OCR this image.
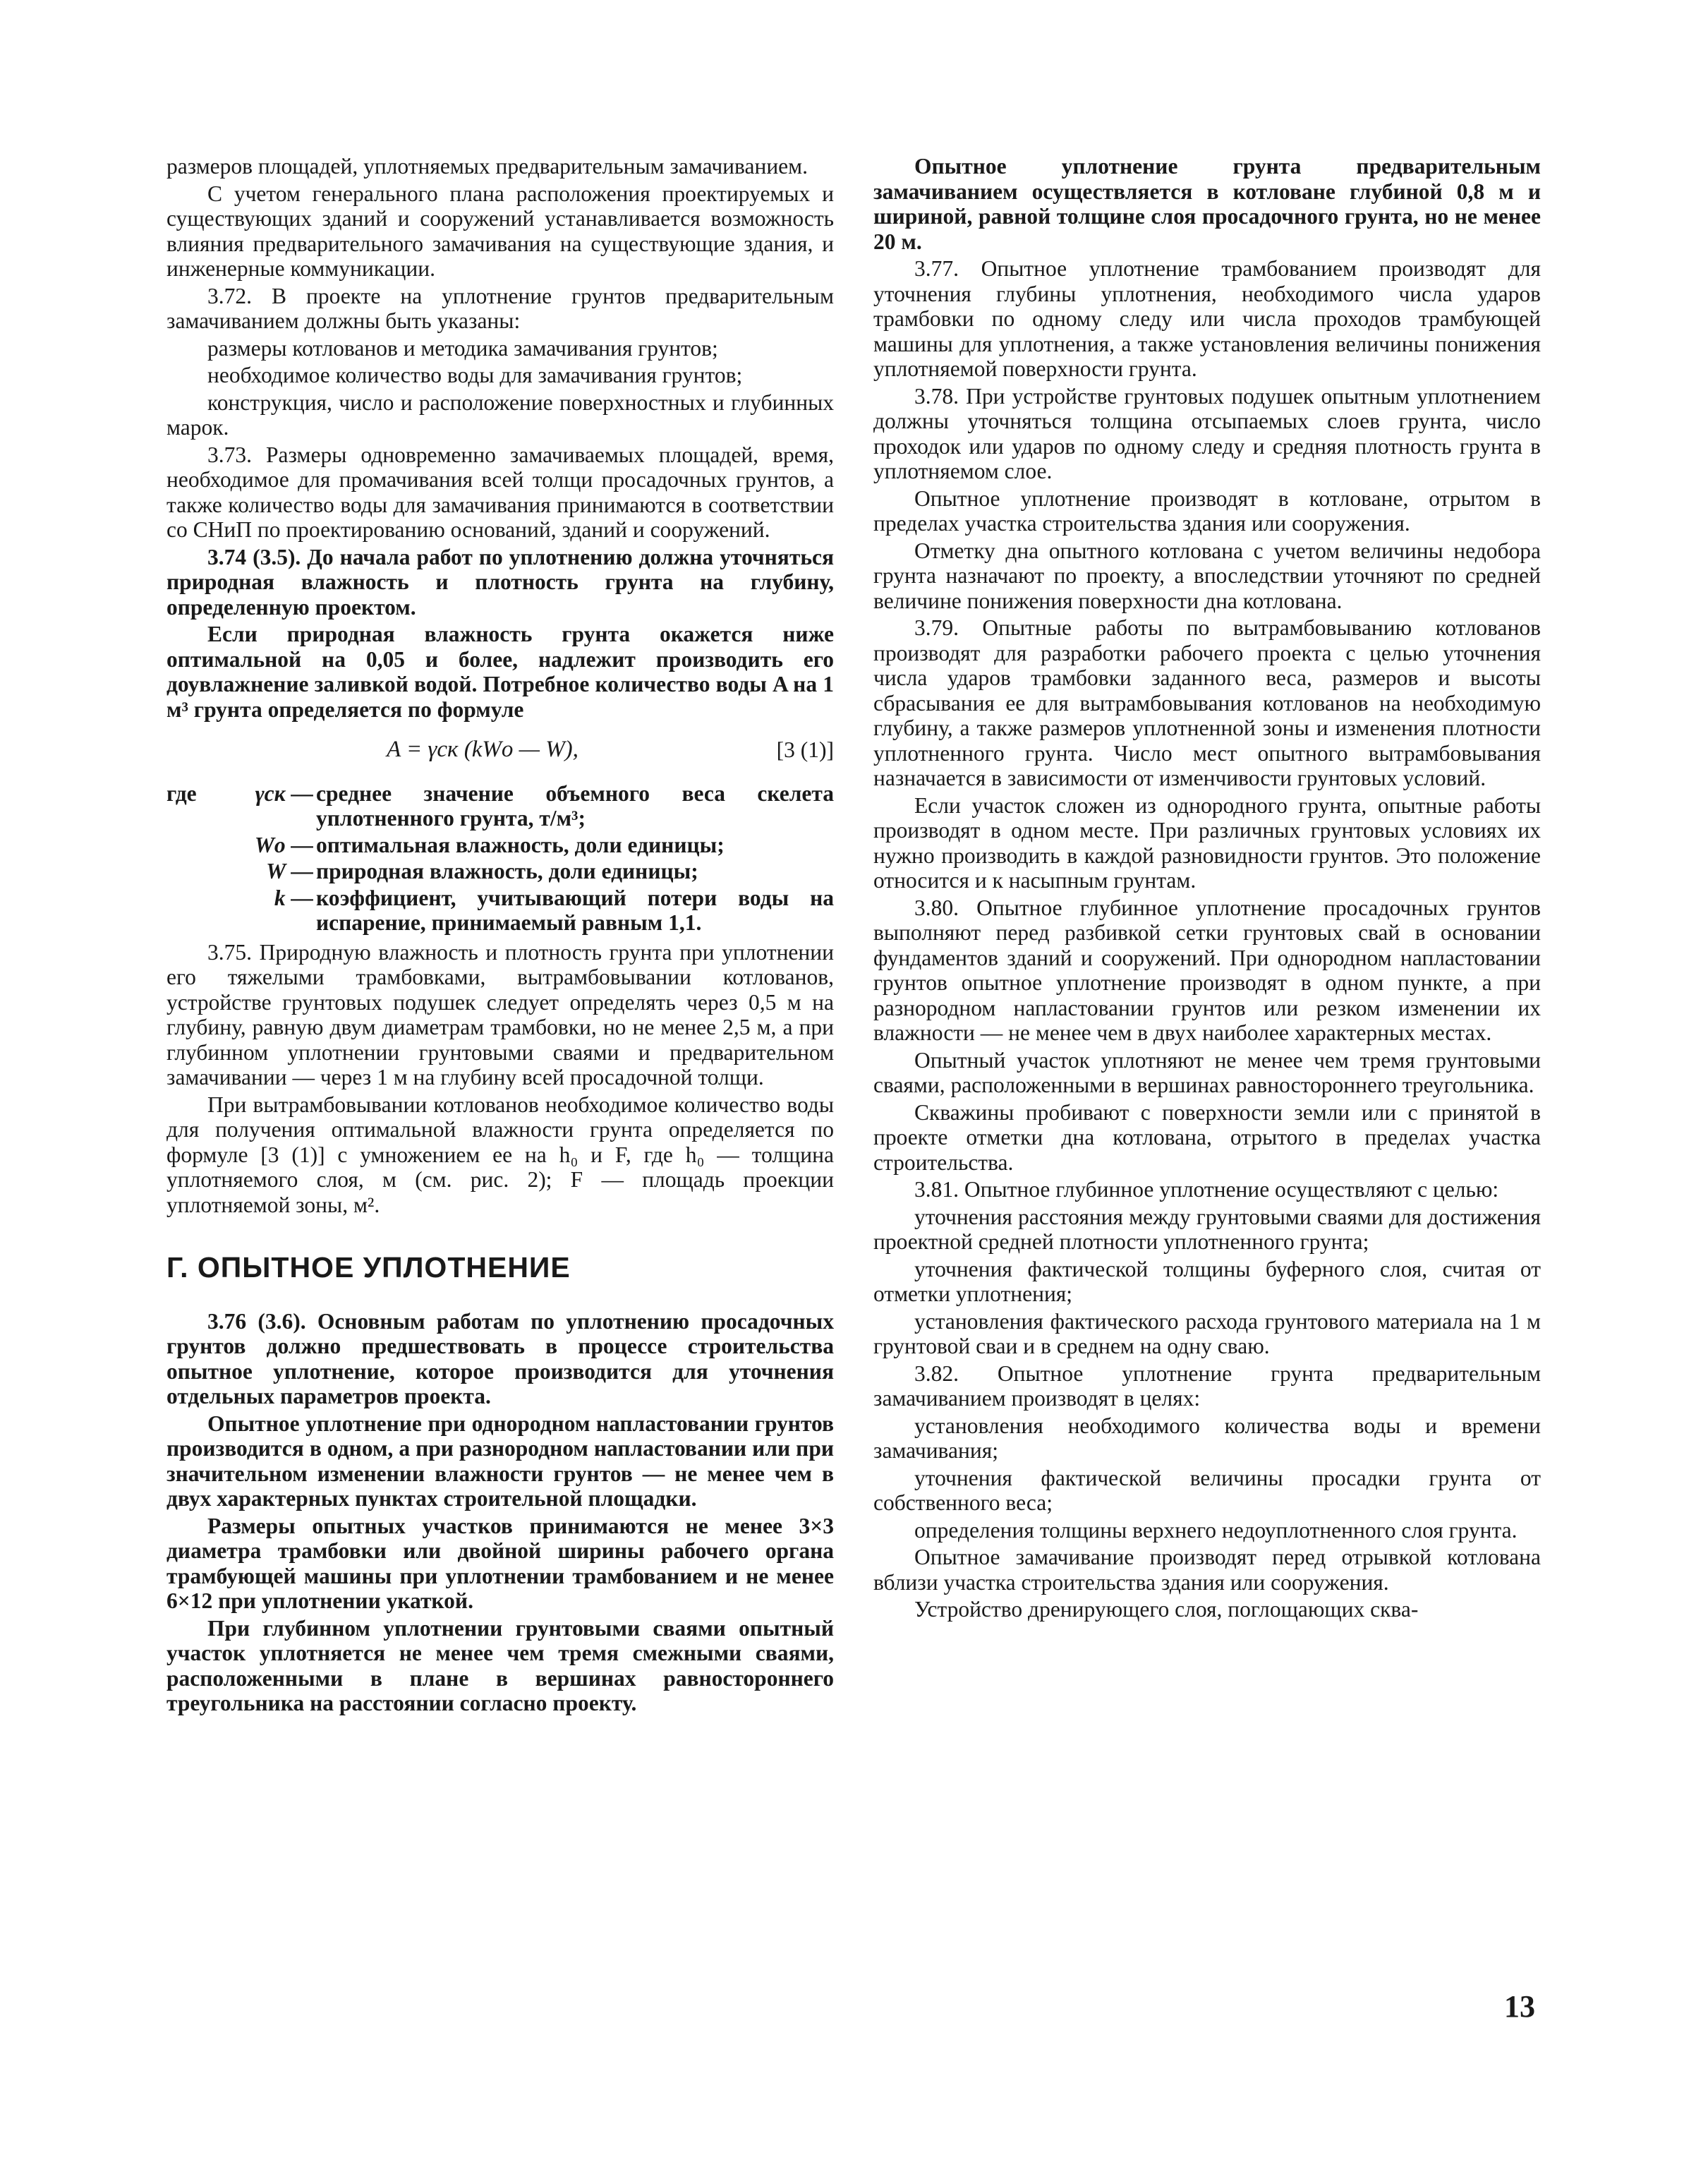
размеров площадей, уплотняемых предварительным замачиванием.

С учетом генерального плана расположения проектируемых и существующих зданий и сооружений устанавливается возможность влияния предварительного замачивания на существующие здания, и инженерные коммуникации.

3.72. В проекте на уплотнение грунтов предварительным замачиванием должны быть указаны:

размеры котлованов и методика замачивания грунтов;

необходимое количество воды для замачивания грунтов;

конструкция, число и расположение поверхностных и глубинных марок.

3.73. Размеры одновременно замачиваемых площадей, время, необходимое для промачивания всей толщи просадочных грунтов, а также количество воды для замачивания принимаются в соответствии со СНиП по проектированию оснований, зданий и сооружений.

3.74 (3.5). До начала работ по уплотнению должна уточняться природная влажность и плотность грунта на глубину, определенную проектом.

Если природная влажность грунта окажется ниже оптимальной на 0,05 и более, надлежит производить его доувлажнение заливкой водой. Потребное количество воды A на 1 м³ грунта определяется по формуле

A = γск (kWо — W),	[3 (1)]
где	γск — среднее значение объемного веса скелета уплотненного грунта, т/м³;
Wо — оптимальная влажность, доли единицы;
W — природная влажность, доли единицы;
k — коэффициент, учитывающий потери воды на испарение, принимаемый равным 1,1.

3.75. Природную влажность и плотность грунта при уплотнении его тяжелыми трамбовками, вытрамбовывании котлованов, устройстве грунтовых подушек следует определять через 0,5 м на глубину, равную двум диаметрам трамбовки, но не менее 2,5 м, а при глубинном уплотнении грунтовыми сваями и предварительном замачивании — через 1 м на глубину всей просадочной толщи.

При вытрамбовывании котлованов необходимое количество воды для получения оптимальной влажности грунта определяется по формуле [3 (1)] с умножением ее на h₀ и F, где h₀ — толщина уплотняемого слоя, м (см. рис. 2); F — площадь проекции уплотняемой зоны, м².

Г. ОПЫТНОЕ УПЛОТНЕНИЕ

3.76 (3.6). Основным работам по уплотнению просадочных грунтов должно предшествовать в процессе строительства опытное уплотнение, которое производится для уточнения отдельных параметров проекта.

Опытное уплотнение при однородном напластовании грунтов производится в одном, а при разнородном напластовании или при значительном изменении влажности грунтов — не менее чем в двух характерных пунктах строительной площадки.

Размеры опытных участков принимаются не менее 3×3 диаметра трамбовки или двойной ширины рабочего органа трамбующей машины при уплотнении трамбованием и не менее 6×12 при уплотнении укаткой.

При глубинном уплотнении грунтовыми сваями опытный участок уплотняется не менее чем тремя смежными сваями, расположенными в плане в вершинах равностороннего треугольника на расстоянии согласно проекту.

Опытное уплотнение грунта предварительным замачиванием осуществляется в котловане глубиной 0,8 м и шириной, равной толщине слоя просадочного грунта, но не менее 20 м.

3.77. Опытное уплотнение трамбованием производят для уточнения глубины уплотнения, необходимого числа ударов трамбовки по одному следу или числа проходов трамбующей машины для уплотнения, а также установления величины понижения уплотняемой поверхности грунта.

3.78. При устройстве грунтовых подушек опытным уплотнением должны уточняться толщина отсыпаемых слоев грунта, число проходок или ударов по одному следу и средняя плотность грунта в уплотняемом слое.

Опытное уплотнение производят в котловане, отрытом в пределах участка строительства здания или сооружения.

Отметку дна опытного котлована с учетом величины недобора грунта назначают по проекту, а впоследствии уточняют по средней величине понижения поверхности дна котлована.

3.79. Опытные работы по вытрамбовыванию котлованов производят для разработки рабочего проекта с целью уточнения числа ударов трамбовки заданного веса, размеров и высоты сбрасывания ее для вытрамбовывания котлованов на необходимую глубину, а также размеров уплотненной зоны и изменения плотности уплотненного грунта. Число мест опытного вытрамбовывания назначается в зависимости от изменчивости грунтовых условий.

Если участок сложен из однородного грунта, опытные работы производят в одном месте. При различных грунтовых условиях их нужно производить в каждой разновидности грунтов. Это положение относится и к насыпным грунтам.

3.80. Опытное глубинное уплотнение просадочных грунтов выполняют перед разбивкой сетки грунтовых свай в основании фундаментов зданий и сооружений. При однородном напластовании грунтов опытное уплотнение производят в одном пункте, а при разнородном напластовании грунтов или резком изменении их влажности — не менее чем в двух наиболее характерных местах.

Опытный участок уплотняют не менее чем тремя грунтовыми сваями, расположенными в вершинах равностороннего треугольника.

Скважины пробивают с поверхности земли или с принятой в проекте отметки дна котлована, отрытого в пределах участка строительства.

3.81. Опытное глубинное уплотнение осуществляют с целью:

уточнения расстояния между грунтовыми сваями для достижения проектной средней плотности уплотненного грунта;

уточнения фактической толщины буферного слоя, считая от отметки уплотнения;

установления фактического расхода грунтового материала на 1 м грунтовой сваи и в среднем на одну сваю.

3.82. Опытное уплотнение грунта предварительным замачиванием производят в целях:

установления необходимого количества воды и времени замачивания;

уточнения фактической величины просадки грунта от собственного веса;

определения толщины верхнего недоуплотненного слоя грунта.

Опытное замачивание производят перед отрывкой котлована вблизи участка строительства здания или сооружения.

Устройство дренирующего слоя, поглощающих сква-

13
